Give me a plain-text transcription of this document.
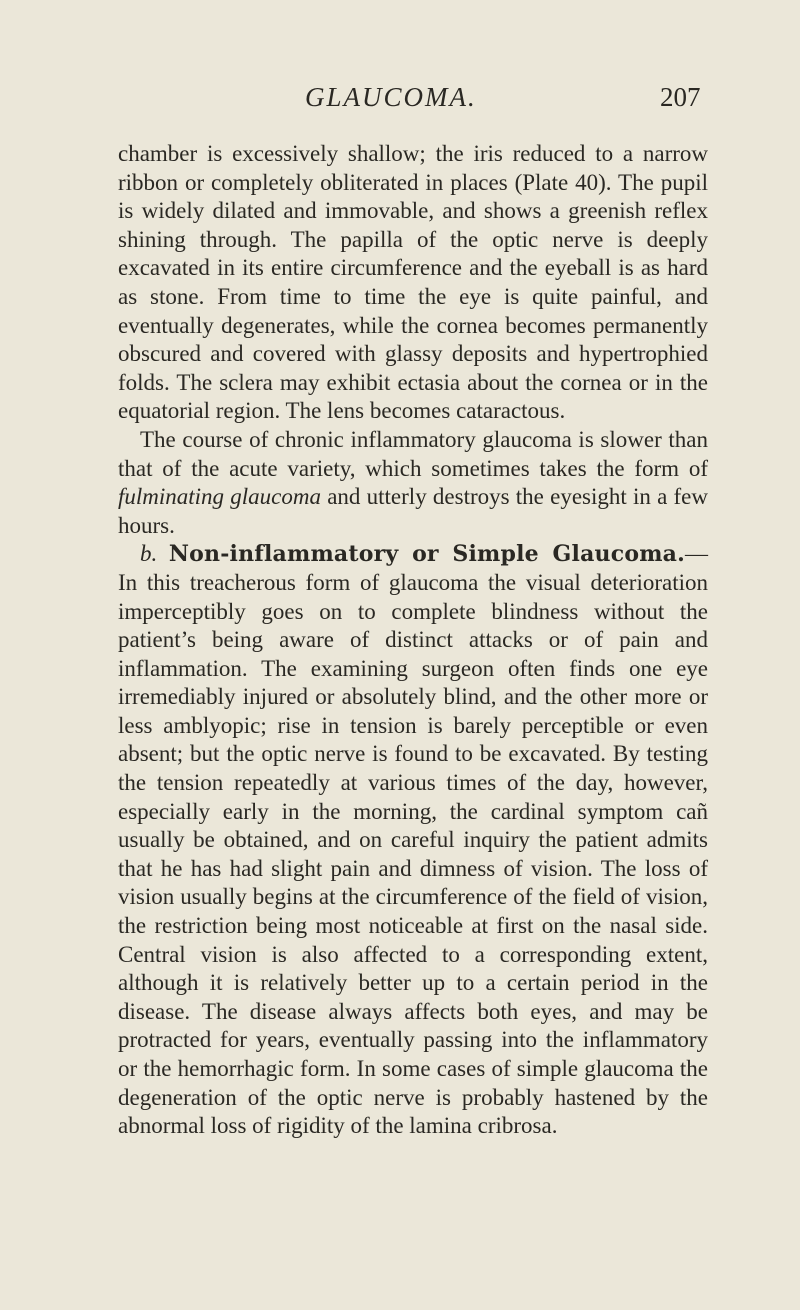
GLAUCOMA.	207

chamber is excessively shallow; the iris reduced to a narrow ribbon or completely obliterated in places (Plate 40). The pupil is widely dilated and immovable, and shows a greenish reflex shining through. The papilla of the optic nerve is deeply excavated in its entire circumference and the eyeball is as hard as stone. From time to time the eye is quite painful, and eventually degenerates, while the cornea becomes permanently obscured and covered with glassy deposits and hypertrophied folds. The sclera may exhibit ectasia about the cornea or in the equatorial region. The lens becomes cataractous.

The course of chronic inflammatory glaucoma is slower than that of the acute variety, which sometimes takes the form of fulminating glaucoma and utterly destroys the eyesight in a few hours.

b. Non-inflammatory or Simple Glaucoma.— In this treacherous form of glaucoma the visual deterioration imperceptibly goes on to complete blindness without the patient’s being aware of distinct attacks or of pain and inflammation. The examining surgeon often finds one eye irremediably injured or absolutely blind, and the other more or less amblyopic; rise in tension is barely perceptible or even absent; but the optic nerve is found to be excavated. By testing the tension repeatedly at various times of the day, however, especially early in the morning, the cardinal symptom cañ usually be obtained, and on careful inquiry the patient admits that he has had slight pain and dimness of vision. The loss of vision usually begins at the circumference of the field of vision, the restriction being most noticeable at first on the nasal side. Central vision is also affected to a corresponding extent, although it is relatively better up to a certain period in the disease. The disease always affects both eyes, and may be protracted for years, eventually passing into the inflammatory or the hemorrhagic form. In some cases of simple glaucoma the degeneration of the optic nerve is probably hastened by the abnormal loss of rigidity of the lamina cribrosa.
